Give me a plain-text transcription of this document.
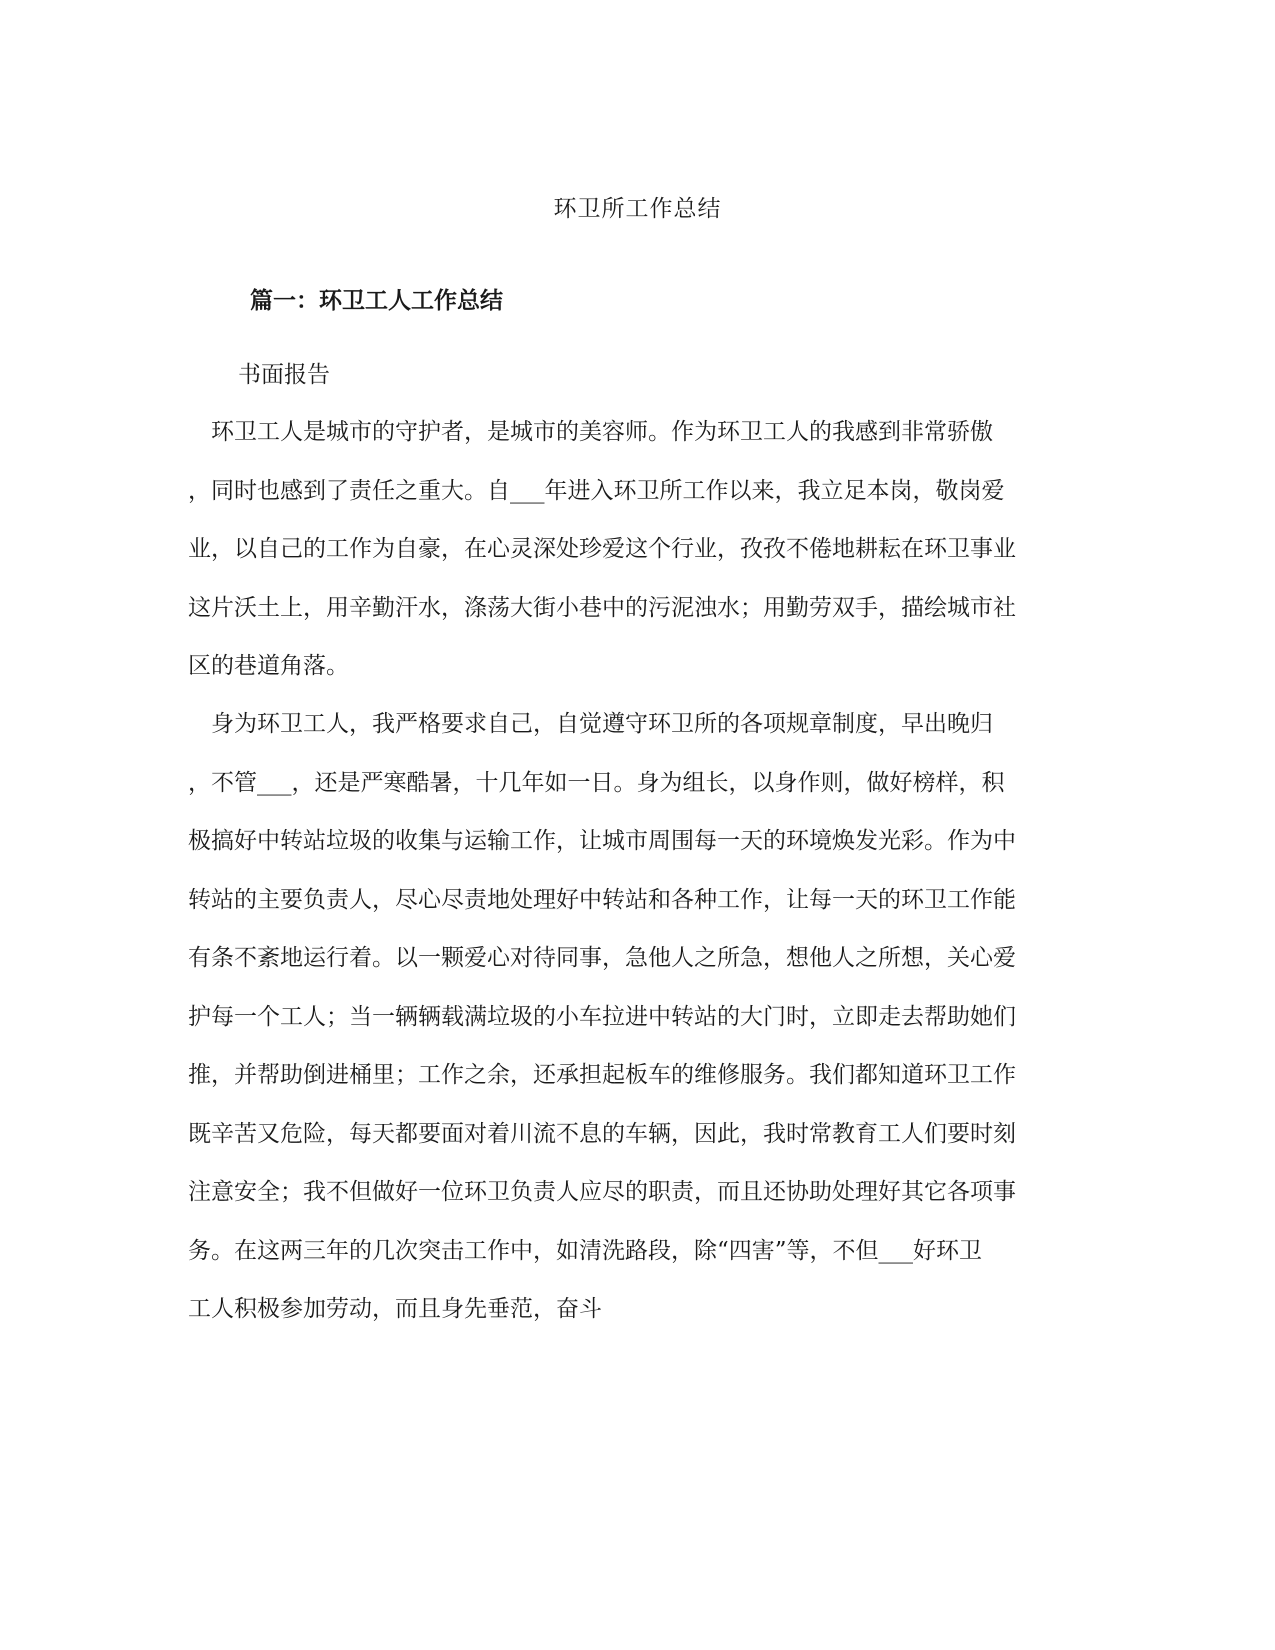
环卫所工作总结
篇一：环卫工人工作总结
书面报告
　环卫工人是城市的守护者，是城市的美容师。作为环卫工人的我感到非常骄傲
，同时也感到了责任之重大。自___年进入环卫所工作以来，我立足本岗，敬岗爱
业，以自己的工作为自豪，在心灵深处珍爱这个行业，孜孜不倦地耕耘在环卫事业
这片沃土上，用辛勤汗水，涤荡大街小巷中的污泥浊水；用勤劳双手，描绘城市社
区的巷道角落。
　身为环卫工人，我严格要求自己，自觉遵守环卫所的各项规章制度，早出晚归
，不管___，还是严寒酷暑，十几年如一日。身为组长，以身作则，做好榜样，积
极搞好中转站垃圾的收集与运输工作，让城市周围每一天的环境焕发光彩。作为中
转站的主要负责人，尽心尽责地处理好中转站和各种工作，让每一天的环卫工作能
有条不紊地运行着。以一颗爱心对待同事，急他人之所急，想他人之所想，关心爱
护每一个工人；当一辆辆载满垃圾的小车拉进中转站的大门时，立即走去帮助她们
推，并帮助倒进桶里；工作之余，还承担起板车的维修服务。我们都知道环卫工作
既辛苦又危险，每天都要面对着川流不息的车辆，因此，我时常教育工人们要时刻
注意安全；我不但做好一位环卫负责人应尽的职责，而且还协助处理好其它各项事
务。在这两三年的几次突击工作中，如清洗路段，除“四害”等，不但___好环卫
工人积极参加劳动，而且身先垂范，奋斗
